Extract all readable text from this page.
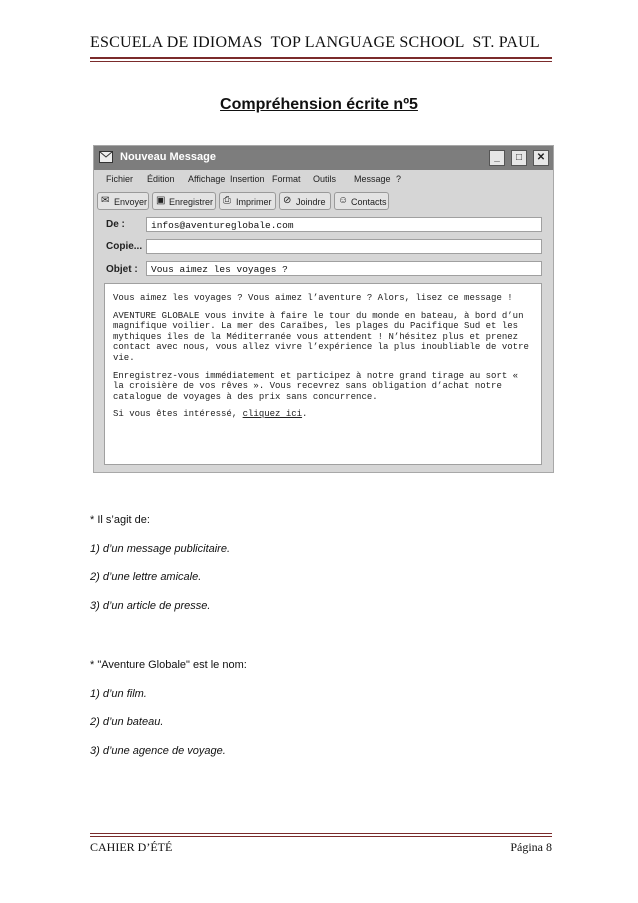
ESCUELA DE IDIOMAS  TOP LANGUAGE SCHOOL  ST. PAUL
Compréhension écrite nº5
Nouveau Message	_	□	✕
Fichier Édition Affichage Insertion Format Outils Message ?
✉ Envoyer ▣ Enregistrer ⎙ Imprimer	⊘ Joindre	☺ Contacts
De :	infos@aventureglobale.com
Copie...
Objet :	Vous aimez les voyages ?

Vous aimez les voyages ? Vous aimez l’aventure ? Alors, lisez ce message !

AVENTURE GLOBALE vous invite à faire le tour du monde en bateau, à bord d’un magnifique voilier. La mer des Caraïbes, les plages du Pacifique Sud et les mythiques îles de la Méditerranée vous attendent ! N’hésitez plus et prenez contact avec nous, vous allez vivre l’expérience la plus inoubliable de votre vie.

Enregistrez-vous immédiatement et participez à notre grand tirage au sort « la croisière de vos rêves ». Vous recevrez sans obligation d’achat notre catalogue de voyages à des prix sans concurrence.

Si vous êtes intéressé, cliquez ici.

* Il s’agit de:
1) d’un message publicitaire.
2) d’une lettre amicale.
3) d’un article de presse.
* "Aventure Globale" est le nom:
1) d’un film.
2) d’un bateau.
3) d’une agence de voyage.
CAHIER D’ÉTÉ	Página 8
